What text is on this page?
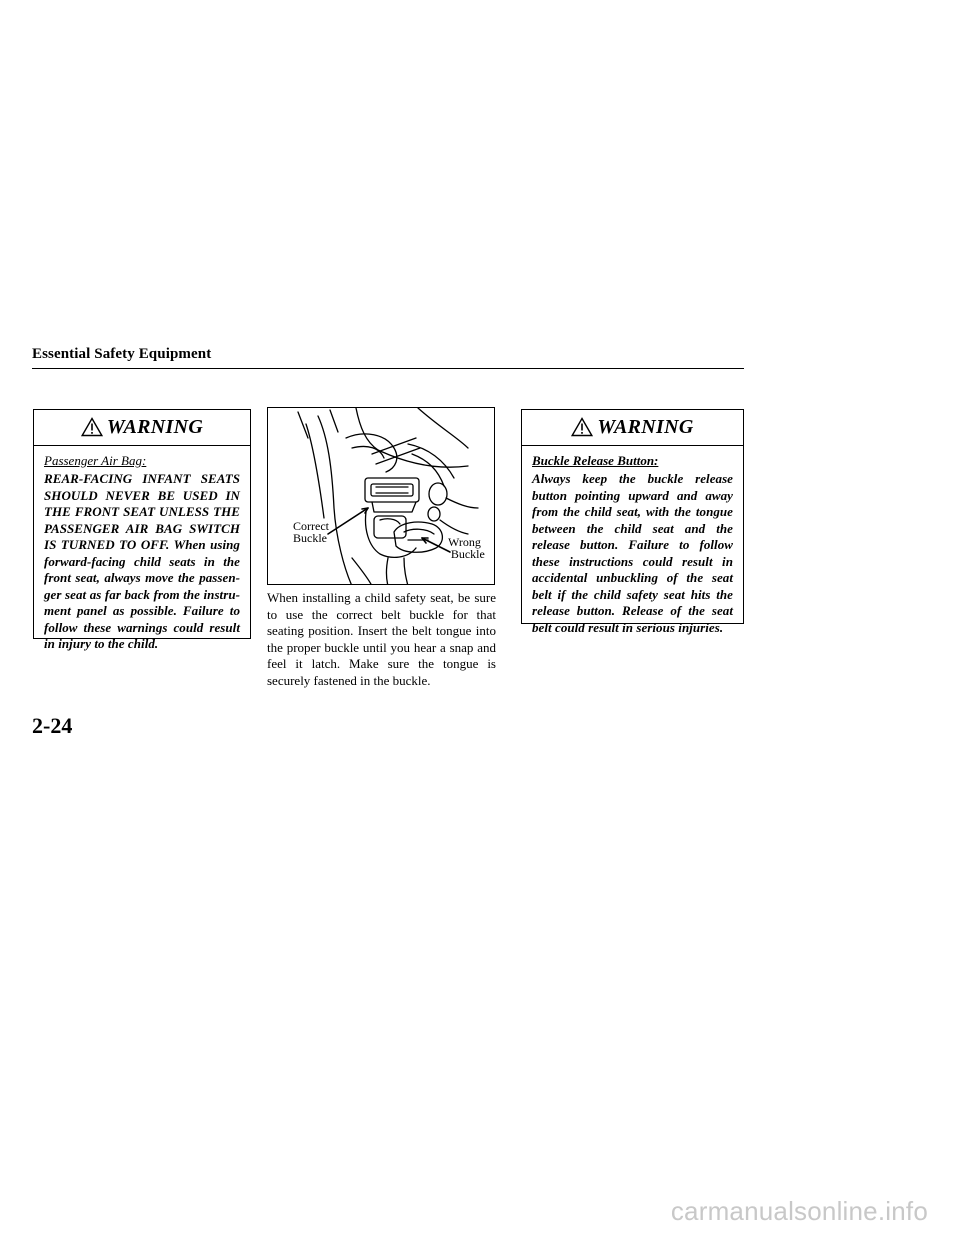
Essential Safety Equipment
WARNING
Passenger Air Bag:
REAR-FACING INFANT SEATS SHOULD NEVER BE USED IN THE FRONT SEAT UNLESS THE PASSENGER AIR BAG SWITCH IS TURNED TO OFF. When using forward-facing child seats in the front seat, always move the passen-ger seat as far back from the instru-ment panel as possible. Failure to follow these warnings could result in injury to the child.
Correct
Buckle	Wrong
Buckle
When installing a child safety seat, be sure to use the correct belt buckle for that seating position. Insert the belt tongue into the proper buckle until you hear a snap and feel it latch. Make sure the tongue is securely fastened in the buckle.
WARNING
Buckle Release Button:
Always keep the buckle release button pointing upward and away from the child seat, with the tongue between the child seat and the release button. Failure to follow these instructions could result in accidental unbuckling of the seat belt if the child safety seat hits the release button. Release of the seat belt could result in serious injuries.
2-24
carmanualsonline.info
